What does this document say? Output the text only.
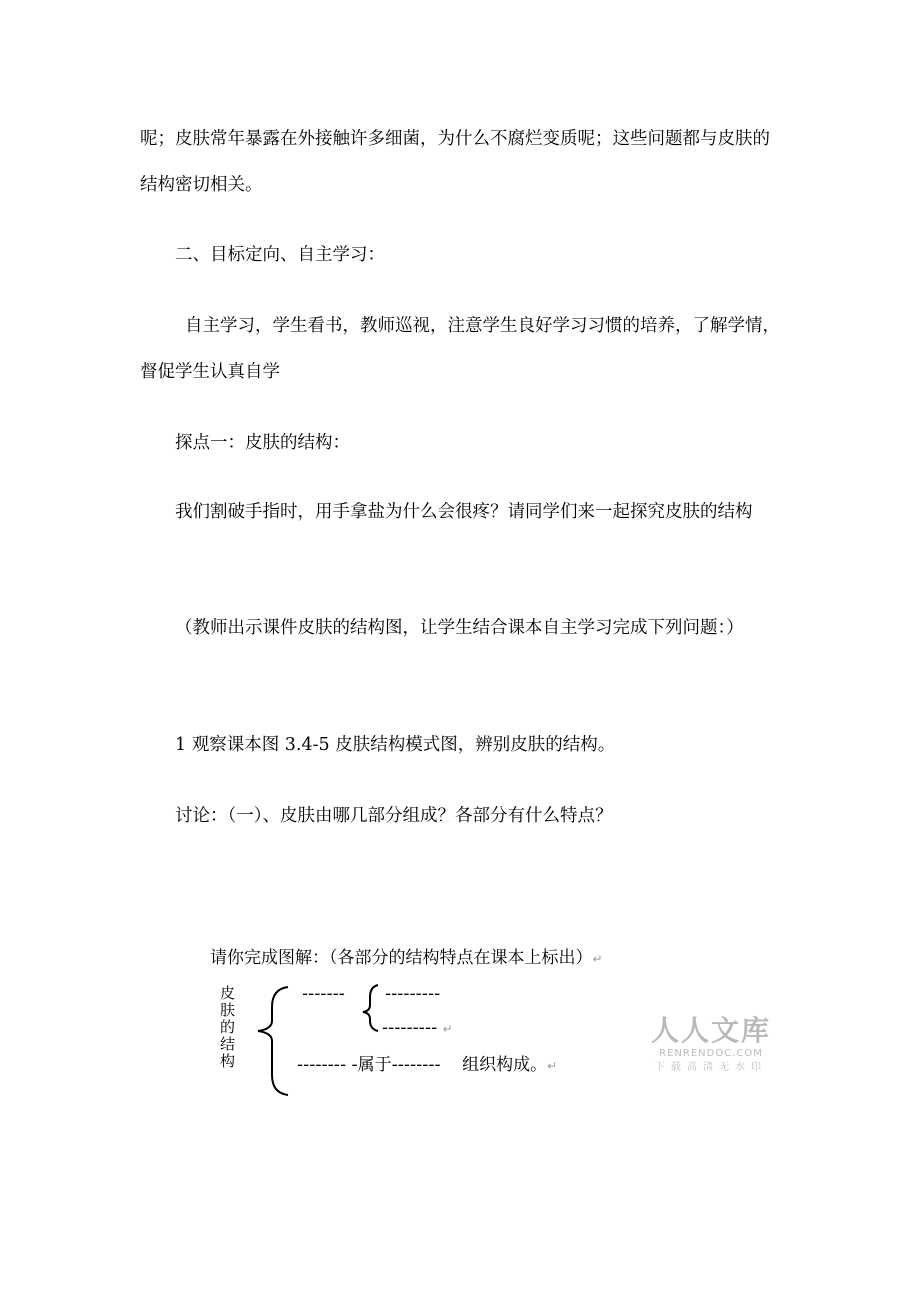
呢；皮肤常年暴露在外接触许多细菌，为什么不腐烂变质呢；这些问题都与皮肤的结构密切相关。

二、目标定向、自主学习：

自主学习，学生看书，教师巡视，注意学生良好学习习惯的培养，了解学情，督促学生认真自学

探点一：皮肤的结构：

我们割破手指时，用手拿盐为什么会很疼？请同学们来一起探究皮肤的结构

（教师出示课件皮肤的结构图，让学生结合课本自主学习完成下列问题：）

1 观察课本图 3.4-5 皮肤结构模式图，辨别皮肤的结构。

讨论：（一）、皮肤由哪几部分组成？各部分有什么特点？

请你完成图解：（各部分的结构特点在课本上标出）↵
皮肤的结构
------- ---------
--------- ↵
-------- -属于-------- 组织构成。↵
人人文库
RENRENDOC.COM
下载高清无水印
